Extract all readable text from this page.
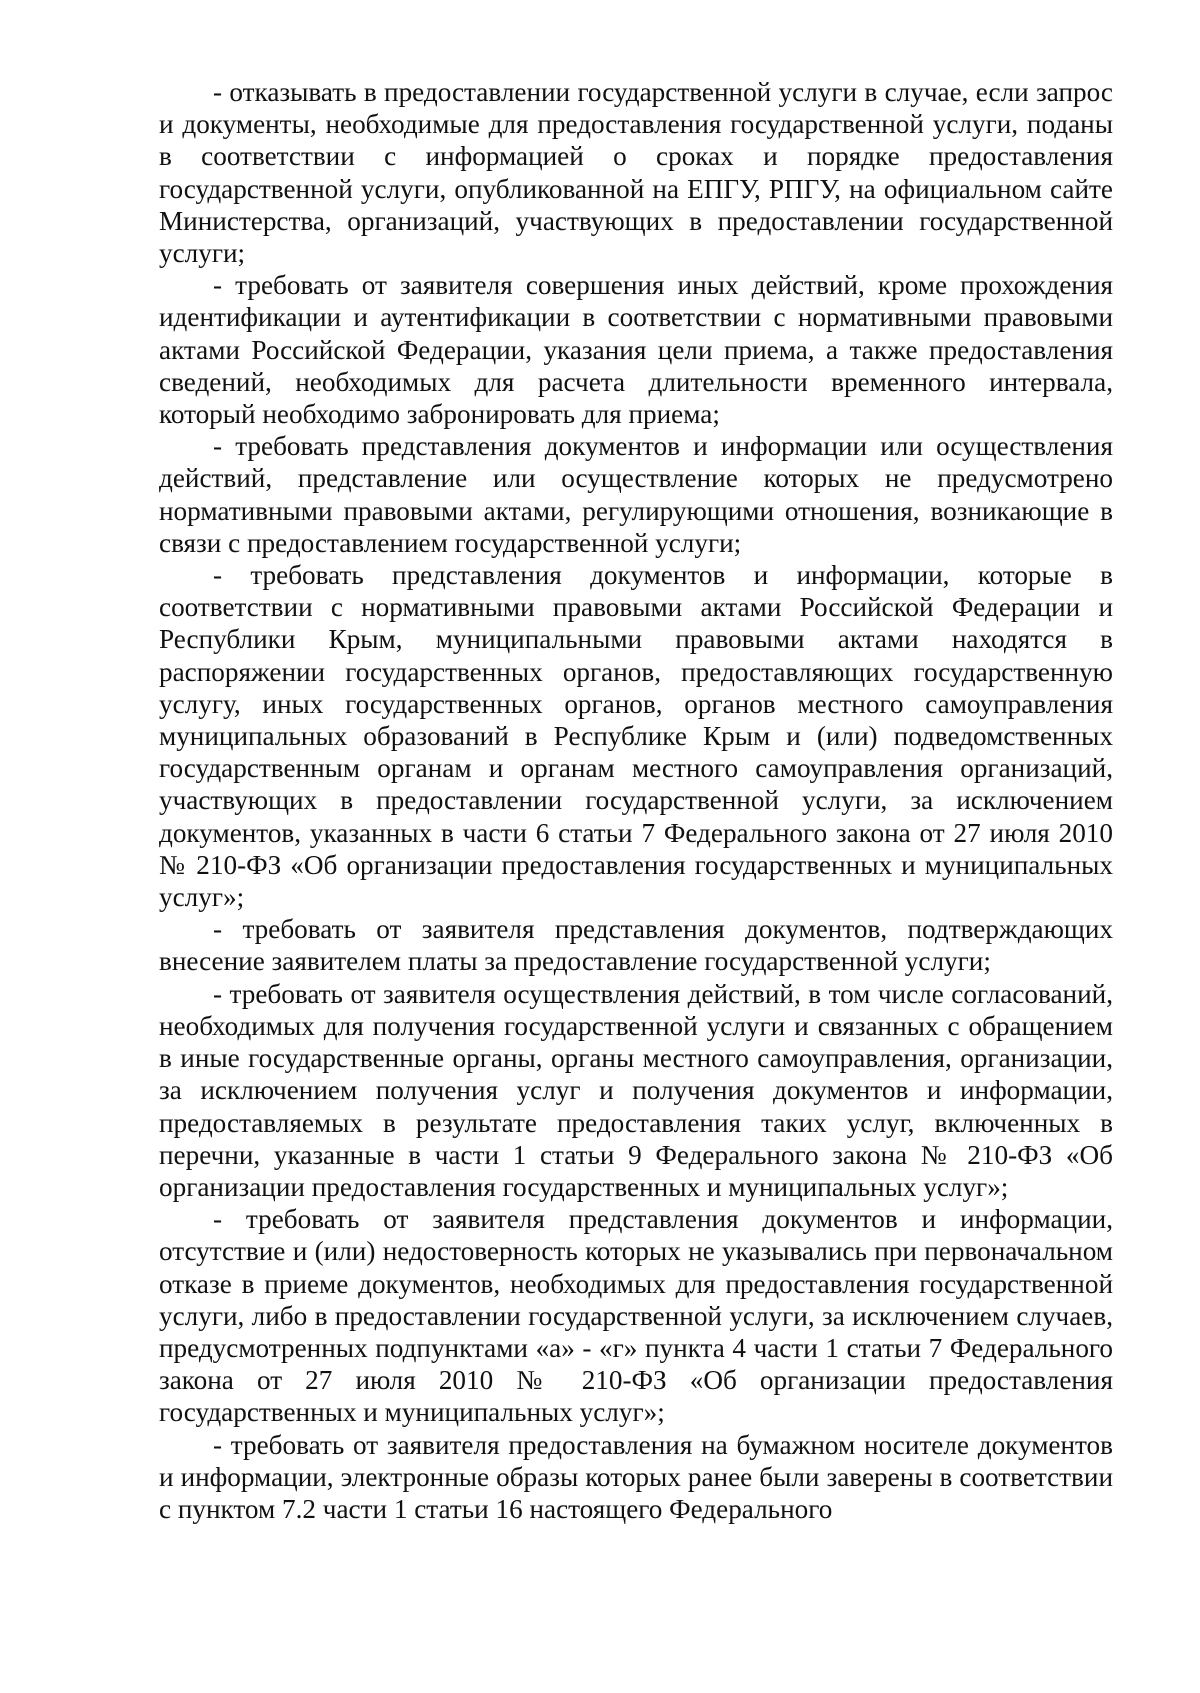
- отказывать в предоставлении государственной услуги в случае, если запрос и документы, необходимые для предоставления государственной услуги, поданы в соответствии с информацией о сроках и порядке предоставления государственной услуги, опубликованной на ЕПГУ, РПГУ, на официальном сайте Министерства, организаций, участвующих в предоставлении государственной услуги;

- требовать от заявителя совершения иных действий, кроме прохождения идентификации и аутентификации в соответствии с нормативными правовыми актами Российской Федерации, указания цели приема, а также предоставления сведений, необходимых для расчета длительности временного интервала, который необходимо забронировать для приема;

- требовать представления документов и информации или осуществления действий, представление или осуществление которых не предусмотрено нормативными правовыми актами, регулирующими отношения, возникающие в связи с предоставлением государственной услуги;

- требовать представления документов и информации, которые в соответствии с нормативными правовыми актами Российской Федерации и Республики Крым, муниципальными правовыми актами находятся в распоряжении государственных органов, предоставляющих государственную услугу, иных государственных органов, органов местного самоуправления муниципальных образований в Республике Крым и (или) подведомственных государственным органам и органам местного самоуправления организаций, участвующих в предоставлении государственной услуги, за исключением документов, указанных в части 6 статьи 7 Федерального закона от 27 июля 2010 № 210-ФЗ «Об организации предоставления государственных и муниципальных услуг»;

- требовать от заявителя представления документов, подтверждающих внесение заявителем платы за предоставление государственной услуги;

- требовать от заявителя осуществления действий, в том числе согласований, необходимых для получения государственной услуги и связанных с обращением в иные государственные органы, органы местного самоуправления, организации, за исключением получения услуг и получения документов и информации, предоставляемых в результате предоставления таких услуг, включенных в перечни, указанные в части 1 статьи 9 Федерального закона № 210-ФЗ «Об организации предоставления государственных и муниципальных услуг»;

- требовать от заявителя представления документов и информации, отсутствие и (или) недостоверность которых не указывались при первоначальном отказе в приеме документов, необходимых для предоставления государственной услуги, либо в предоставлении государственной услуги, за исключением случаев, предусмотренных подпунктами «а» - «г» пункта 4 части 1 статьи 7 Федерального закона от 27 июля 2010 № 210-ФЗ «Об организации предоставления государственных и муниципальных услуг»;

- требовать от заявителя предоставления на бумажном носителе документов и информации, электронные образы которых ранее были заверены в соответствии с пунктом 7.2 части 1 статьи 16 настоящего Федерального
